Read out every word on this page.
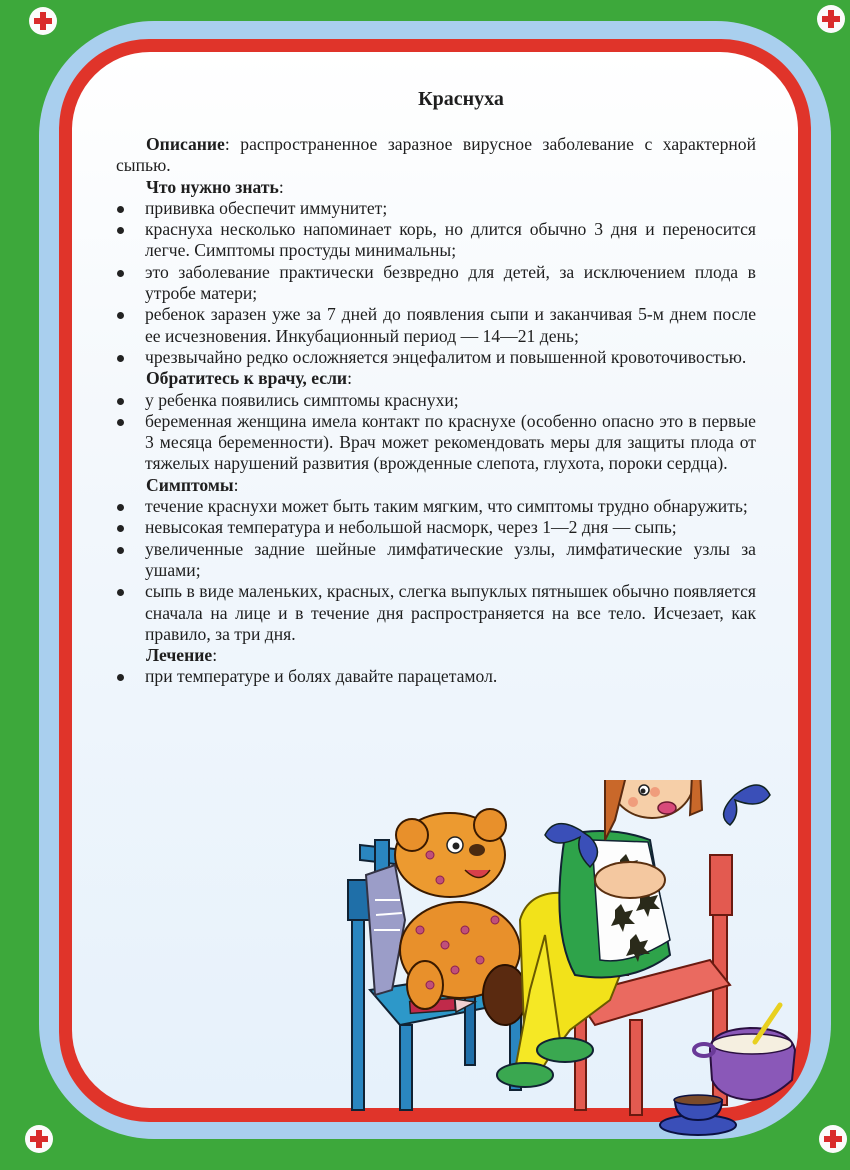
Краснуха

Описание: распространенное заразное вирусное заболевание с характерной сыпью.

Что нужно знать:

прививка обеспечит иммунитет;
краснуха несколько напоминает корь, но длится обычно 3 дня и переносится легче. Симптомы простуды минимальны;
это заболевание практически безвредно для детей, за исключением плода в утробе матери;
ребенок заразен уже за 7 дней до появления сыпи и заканчивая 5-м днем после ее исчезновения. Инкубационный период — 14—21 день;
чрезвычайно редко осложняется энцефалитом и повышенной кровоточивостью.

Обратитесь к врачу, если:

у ребенка появились симптомы краснухи;
беременная женщина имела контакт по краснухе (особенно опасно это в первые 3 месяца беременности). Врач может рекомендовать меры для защиты плода от тяжелых нарушений развития (врожденные слепота, глухота, пороки сердца).

Симптомы:

течение краснухи может быть таким мягким, что симптомы трудно обнаружить;
невысокая температура и небольшой насморк, через 1—2 дня — сыпь;
увеличенные задние шейные лимфатические узлы, лимфатические узлы за ушами;
сыпь в виде маленьких, красных, слегка выпуклых пятнышек обычно появляется сначала на лице и в течение дня распространяется на все тело. Исчезает, как правило, за три дня.

Лечение:

при температуре и болях давайте парацетамол.
